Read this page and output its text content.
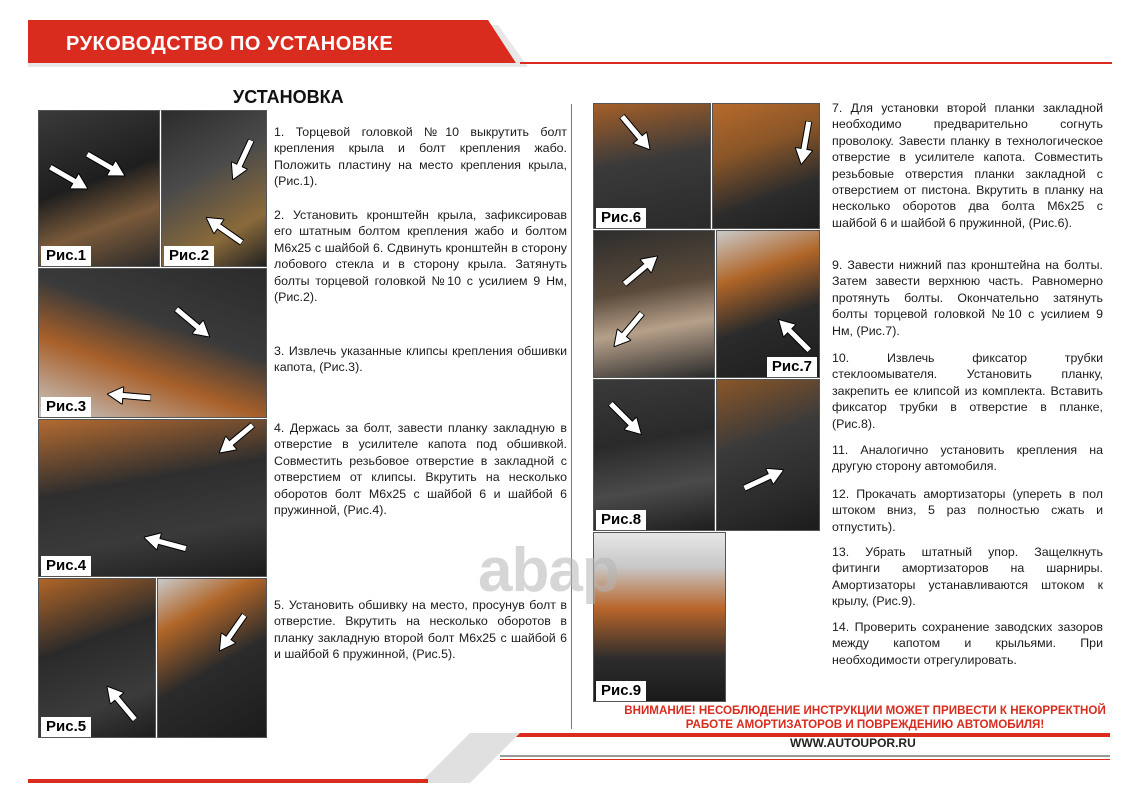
РУКОВОДСТВО ПО УСТАНОВКЕ
УСТАНОВКА
Рис.1	Рис.2
Рис.3
Рис.4
Рис.5
1. Торцевой головкой №10 выкрутить болт крепления крыла и болт крепления жабо. Положить пластину на место крепления крыла, (Рис.1).
2. Установить кронштейн крыла, зафиксировав его штатным болтом крепления жабо и болтом М6х25 с шайбой 6. Сдвинуть кронштейн в сторону лобового стекла и в сторону крыла. Затянуть болты торцевой головкой №10 с усилием 9 Нм, (Рис.2).
3. Извлечь указанные клипсы крепления обшивки капота, (Рис.3).
4. Держась за болт, завести планку закладную в отверстие в усилителе капота под обшивкой. Совместить резьбовое отверстие в закладной с отверстием от клипсы. Вкрутить на несколько оборотов болт М6х25 с шайбой 6 и шайбой 6 пружинной, (Рис.4).
5. Установить обшивку на место, просунув болт в отверстие. Вкрутить на несколько оборотов в планку закладную второй болт М6х25 с шайбой 6 и шайбой 6 пружинной, (Рис.5).
Рис.6
Рис.7
Рис.8
Рис.9
7. Для установки второй планки закладной необходимо предварительно согнуть проволоку. Завести планку в технологическое отверстие в усилителе капота. Совместить резьбовые отверстия планки закладной с отверстием от пистона. Вкрутить в планку на несколько оборотов два болта М6х25 с шайбой 6 и шайбой 6 пружинной, (Рис.6).
9. Завести нижний паз кронштейна на болты. Затем завести верхнюю часть. Равномерно протянуть болты. Окончательно затянуть болты торцевой головкой №10 с усилием 9 Нм, (Рис.7).
10. Извлечь фиксатор трубки стеклоомывателя. Установить планку, закрепить ее клипсой из комплекта. Вставить фиксатор трубки в отверстие в планке, (Рис.8).
11. Аналогично установить крепления на другую сторону автомобиля.
12. Прокачать амортизаторы (упереть в пол штоком вниз, 5 раз полностью сжать и отпустить).
13. Убрать штатный упор. Защелкнуть фитинги амортизаторов на шарниры. Амортизаторы устанавливаются штоком к крылу, (Рис.9).
14. Проверить сохранение заводских зазоров между капотом и крыльями. При необходимости отрегулировать.
abap
ВНИМАНИЕ! НЕСОБЛЮДЕНИЕ ИНСТРУКЦИИ МОЖЕТ ПРИВЕСТИ К НЕКОРРЕКТНОЙ
РАБОТЕ АМОРТИЗАТОРОВ И ПОВРЕЖДЕНИЮ АВТОМОБИЛЯ!
WWW.AUTOUPOR.RU
